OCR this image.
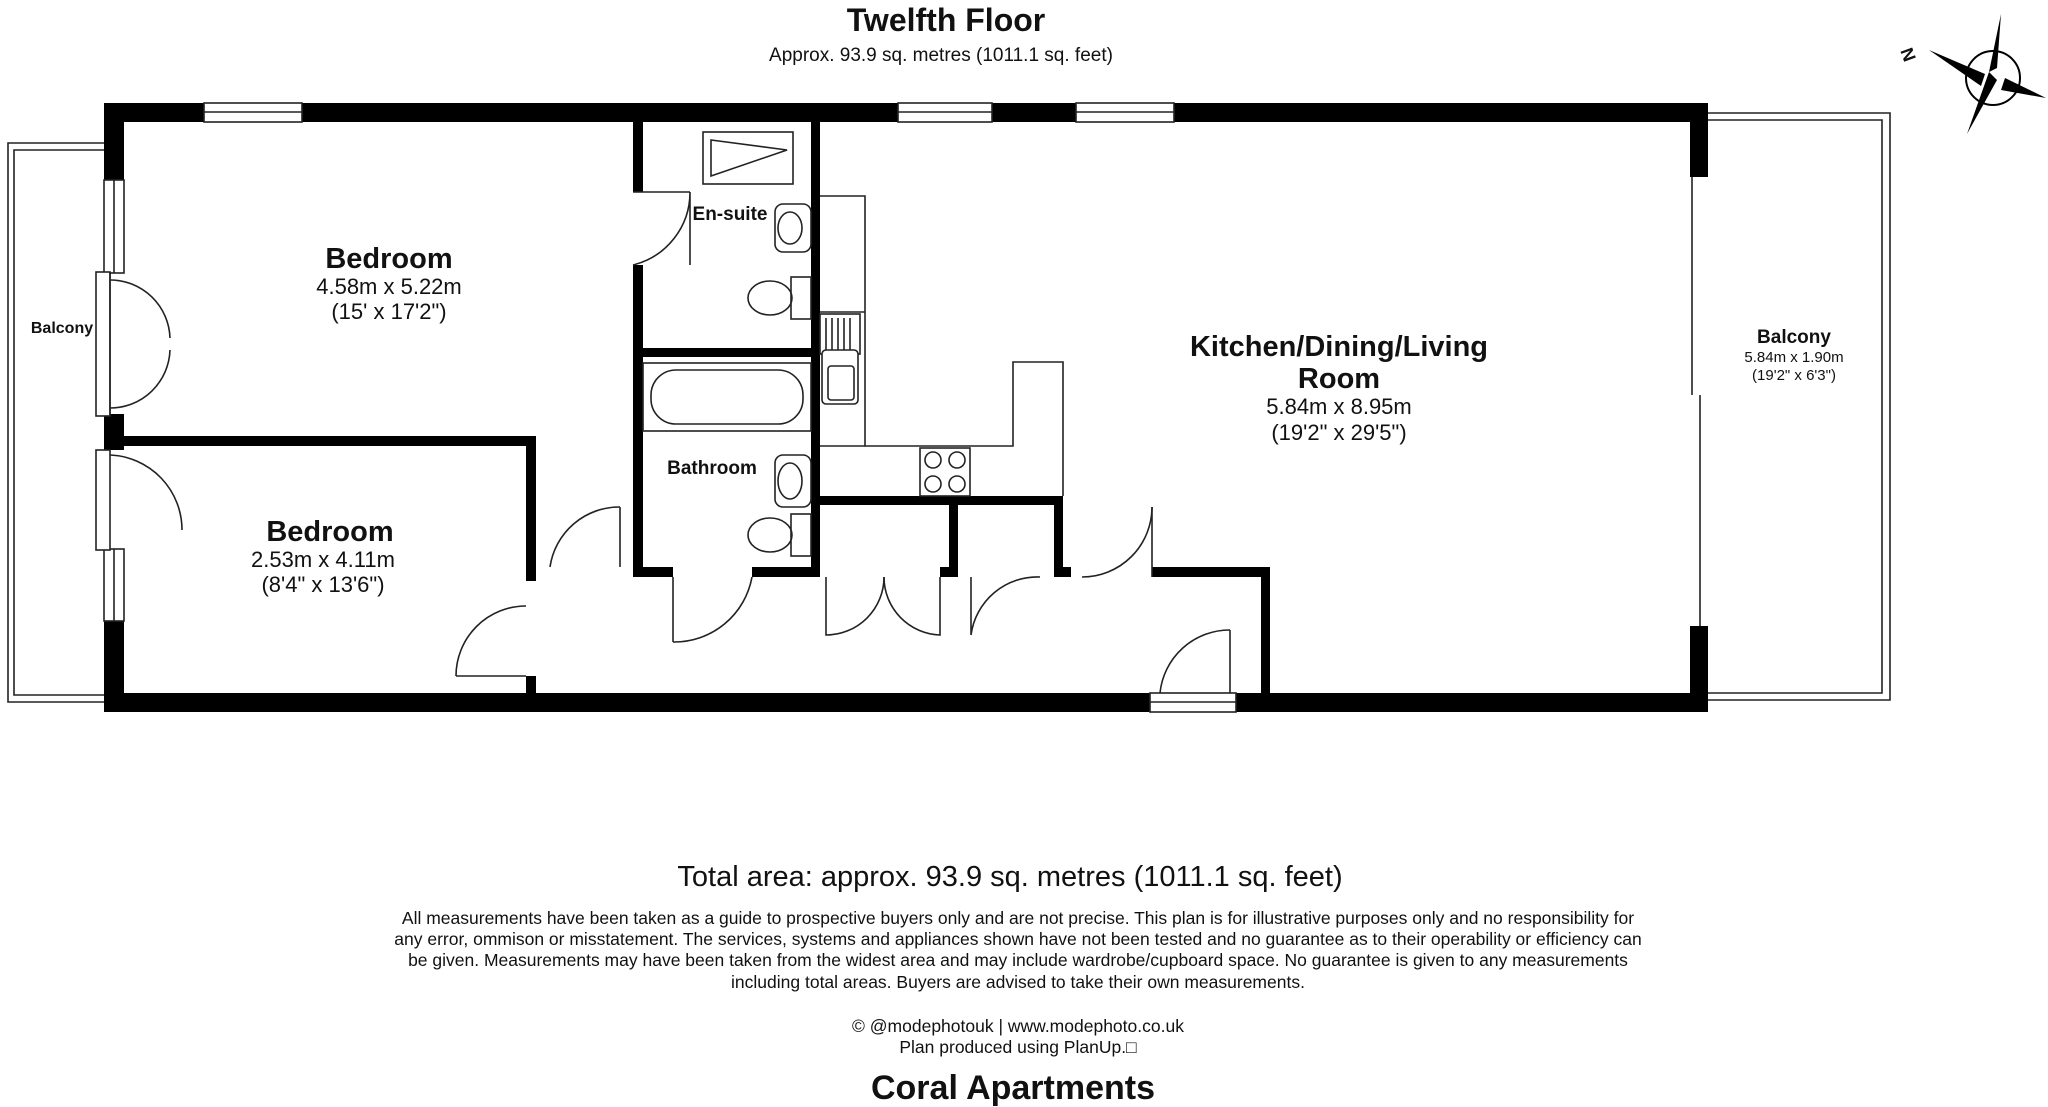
Twelfth Floor
Approx. 93.9 sq. metres (1011.1 sq. feet)	N
Bedroom
4.58m x 5.22m
(15' x 17'2")
Bedroom
2.53m x 4.11m
(8'4" x 13'6")
En-suite
Bathroom
Kitchen/Dining/Living
Room
5.84m x 8.95m
(19'2" x 29'5")
Balcony	Balcony
5.84m x 1.90m
(19'2" x 6'3")
Total area: approx. 93.9 sq. metres (1011.1 sq. feet)
All measurements have been taken as a guide to prospective buyers only and are not precise. This plan is for illustrative purposes only and no responsibility for
any error, ommison or misstatement. The services, systems and appliances shown have not been tested and no guarantee as to their operability or efficiency can
be given. Measurements may have been taken from the widest area and may include wardrobe/cupboard space. No guarantee is given to any measurements
including total areas. Buyers are advised to take their own measurements.
© @modephotouk | www.modephoto.co.uk
Plan produced using PlanUp.□
Coral Apartments
